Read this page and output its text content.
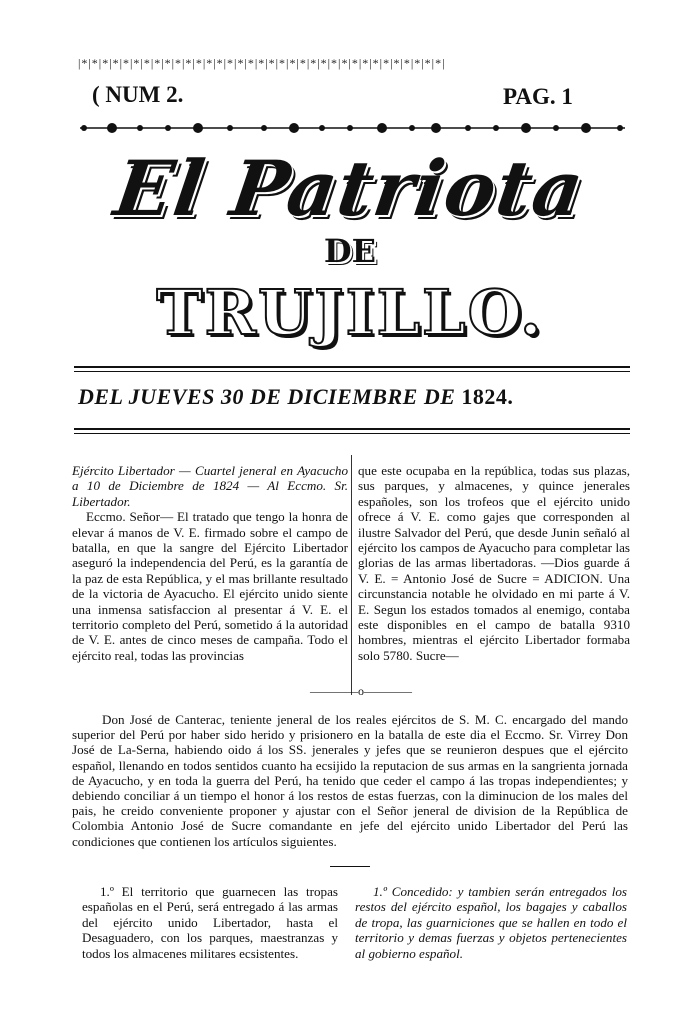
|*|*|*|*|*|*|*|*|*|*|*|*|*|*|*|*|*|*|*|*|*|*|*|*|*|*|*|*|*|*|*|*|*|*|*|
( NUM 2.	PAG. 1
El Patriota
DE
TRUJILLO.
DEL JUEVES 30 DE DICIEMBRE DE 1824.

Ejército Libertador — Cuartel jeneral en Ayacucho a 10 de Diciembre de 1824 — Al Eccmo. Sr. Libertador.

Eccmo. Señor— El tratado que tengo la honra de elevar á manos de V. E. firmado sobre el campo de batalla, en que la sangre del Ejército Libertador aseguró la independencia del Perú, es la garantía de la paz de esta República, y el mas brillante resultado de la victoria de Ayacucho. El ejército unido siente una inmensa satisfaccion al presentar á V. E. el territorio completo del Perú, sometido á la autoridad de V. E. antes de cinco meses de campaña. Todo el ejército real, todas las provincias

que este ocupaba en la república, todas sus plazas, sus parques, y almacenes, y quince jenerales españoles, son los trofeos que el ejército unido ofrece á V. E. como gajes que corresponden al ilustre Salvador del Perú, que desde Junin señaló al ejército los campos de Ayacucho para completar las glorias de las armas libertadoras. —Dios guarde á V. E. = Antonio José de Sucre = ADICION. Una circunstancia notable he olvidado en mi parte á V. E. Segun los estados tomados al enemigo, contaba este disponibles en el campo de batalla 9310 hombres, mientras el ejército Libertador formaba solo 5780. Sucre—

————o————

Don José de Canterac, teniente jeneral de los reales ejércitos de S. M. C. encargado del mando superior del Perú por haber sido herido y prisionero en la batalla de este dia el Eccmo. Sr. Virrey Don José de La-Serna, habiendo oido á los SS. jenerales y jefes que se reunieron despues que el ejército español, llenando en todos sentidos cuanto ha ecsijido la reputacion de sus armas en la sangrienta jornada de Ayacucho, y en toda la guerra del Perú, ha tenido que ceder el campo á las tropas independientes; y debiendo conciliar á un tiempo el honor á los restos de estas fuerzas, con la diminucion de los males del pais, he creido conveniente proponer y ajustar con el Señor jeneral de division de la República de Colombia Antonio José de Sucre comandante en jefe del ejército unido Libertador del Perú las condiciones que contienen los artículos siguientes.

1.º El territorio que guarnecen las tropas españolas en el Perú, será entregado á las armas del ejército unido Libertador, hasta el Desaguadero, con los parques, maestranzas y todos los almacenes militares ecsistentes.

1.º Concedido: y tambien serán entregados los restos del ejército español, los bagajes y caballos de tropa, las guarniciones que se hallen en todo el territorio y demas fuerzas y objetos pertenecientes al gobierno español.
